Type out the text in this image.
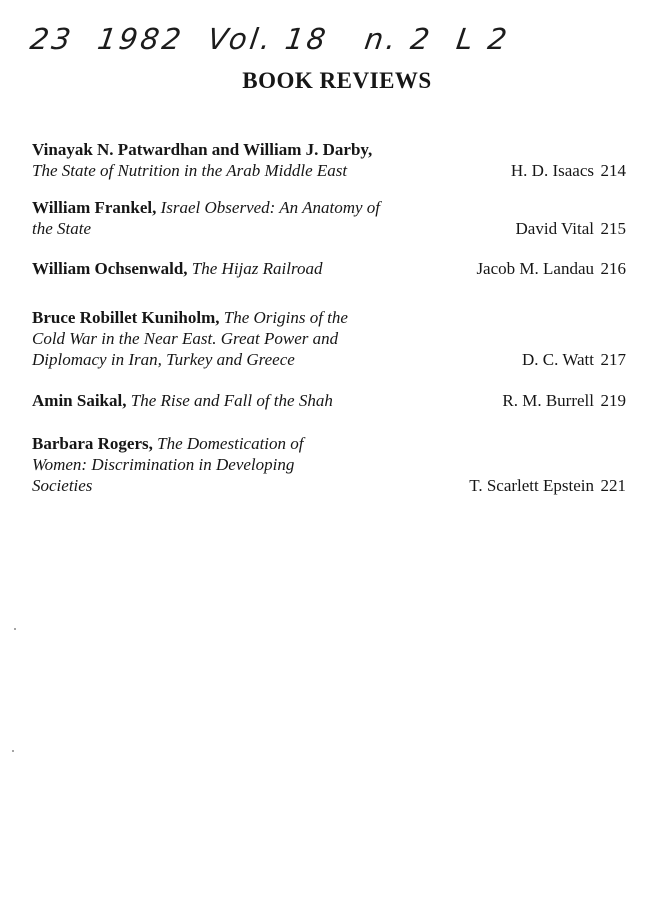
23  1982  Vol. 18   n. 2  L 2
BOOK REVIEWS
Vinayak N. Patwardhan and William J. Darby,
The State of Nutrition in the Arab Middle East	H. D. Isaacs 214
William Frankel, Israel Observed: An Anatomy of
the State	David Vital 215
William Ochsenwald, The Hijaz Railroad	Jacob M. Landau 216
Bruce Robillet Kuniholm, The Origins of the
Cold War in the Near East. Great Power and
Diplomacy in Iran, Turkey and Greece	D. C. Watt 217
Amin Saikal, The Rise and Fall of the Shah	R. M. Burrell 219
Barbara Rogers, The Domestication of
Women: Discrimination in Developing
Societies	T. Scarlett Epstein 221
